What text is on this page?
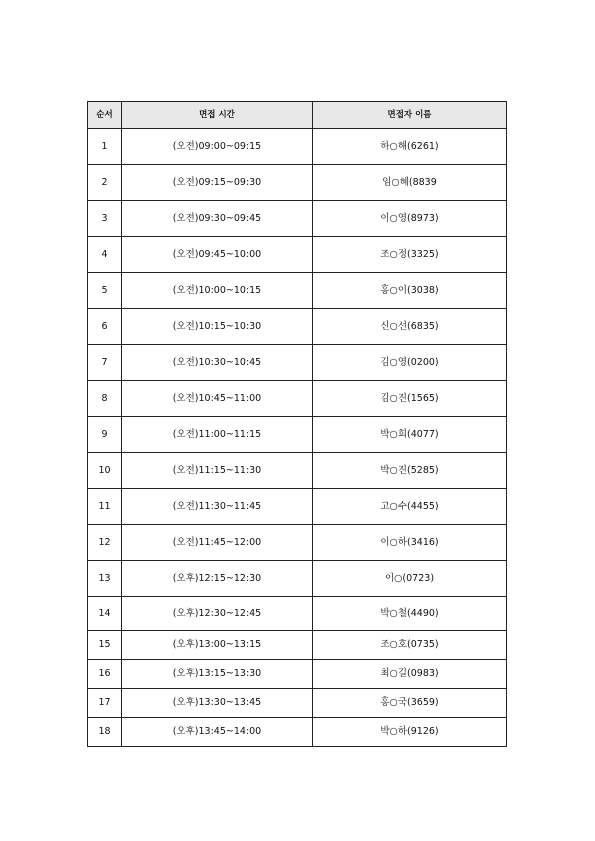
순서	면접 시간	면접자 이름
1	(오전)09:00~09:15	하○해(6261)
2	(오전)09:15~09:30	임○혜(8839
3	(오전)09:30~09:45	이○영(8973)
4	(오전)09:45~10:00	조○정(3325)
5	(오전)10:00~10:15	홍○이(3038)
6	(오전)10:15~10:30	신○선(6835)
7	(오전)10:30~10:45	김○영(0200)
8	(오전)10:45~11:00	김○진(1565)
9	(오전)11:00~11:15	박○희(4077)
10	(오전)11:15~11:30	박○진(5285)
11	(오전)11:30~11:45	고○수(4455)
12	(오전)11:45~12:00	이○하(3416)
13	(오후)12:15~12:30	이○(0723)
14	(오후)12:30~12:45	박○철(4490)
15	(오후)13:00~13:15	조○호(0735)
16	(오후)13:15~13:30	최○길(0983)
17	(오후)13:30~13:45	홍○국(3659)
18	(오후)13:45~14:00	박○하(9126)
